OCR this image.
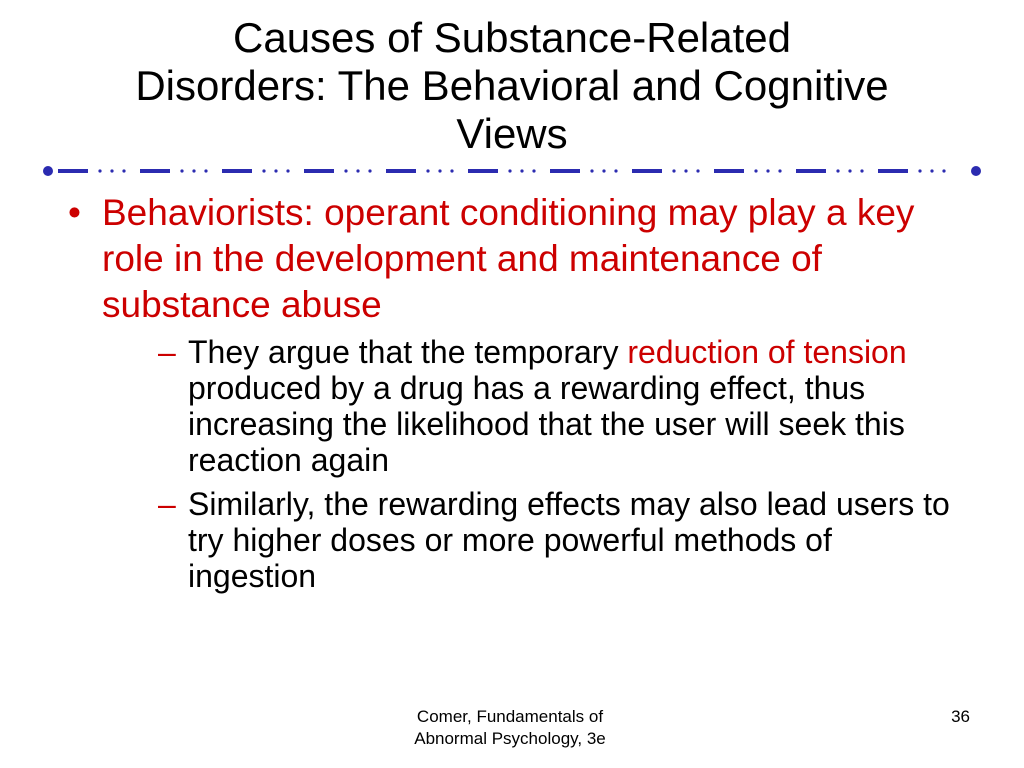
Causes of Substance-Related
Disorders: The Behavioral and Cognitive
Views
• Behaviorists: operant conditioning may play a key role in the development and maintenance of substance abuse
– They argue that the temporary reduction of tension produced by a drug has a rewarding effect, thus increasing the likelihood that the user will seek this reaction again
– Similarly, the rewarding effects may also lead users to try higher doses or more powerful methods of ingestion
Comer, Fundamentals of
Abnormal Psychology, 3e
36
